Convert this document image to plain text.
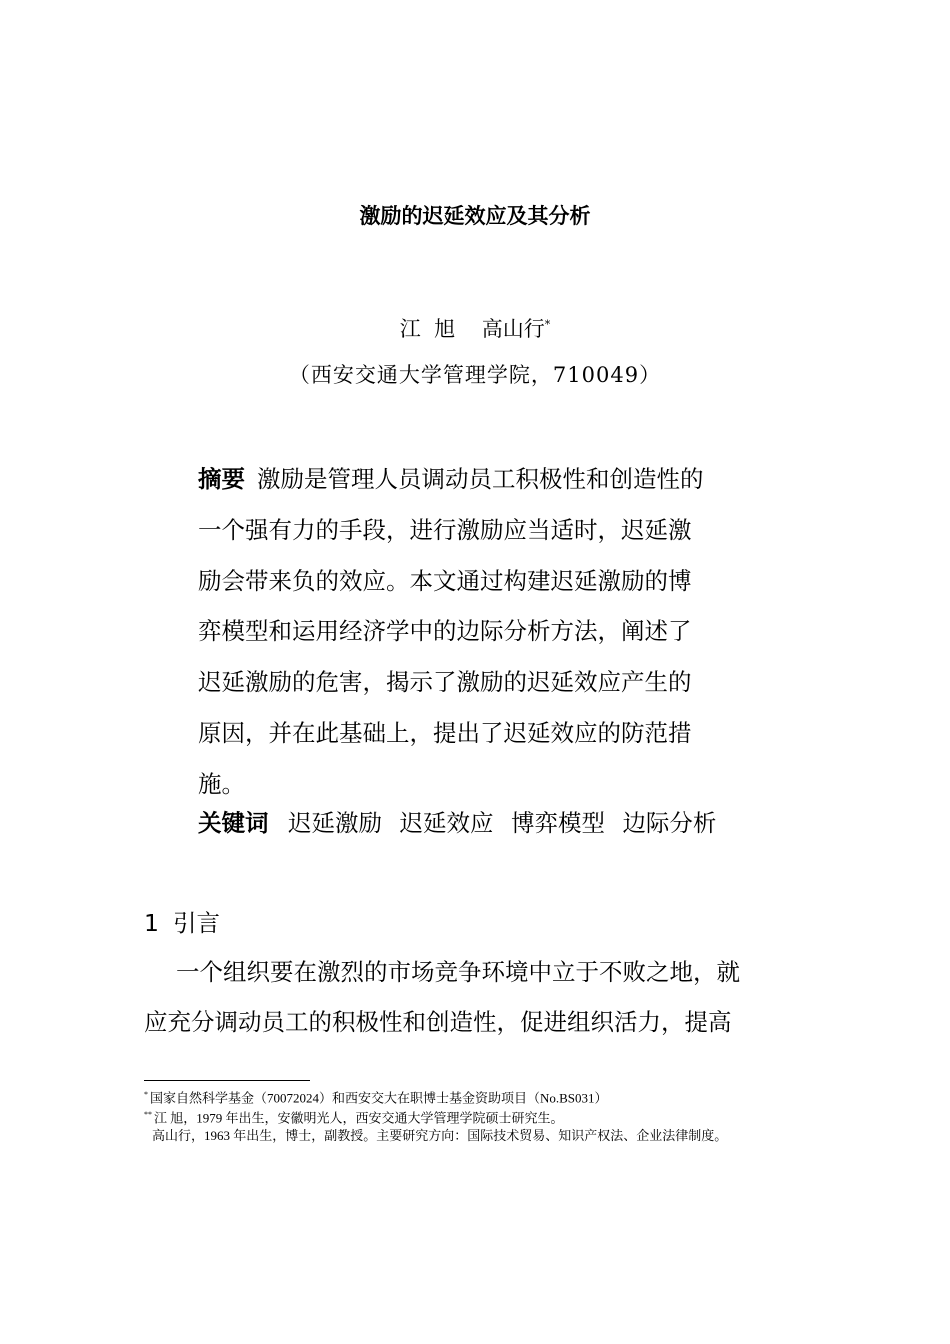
激励的迟延效应及其分析
江  旭    高山行*
（西安交通大学管理学院，710049）
摘要 激励是管理人员调动员工积极性和创造性的
一个强有力的手段，进行激励应当适时，迟延激
励会带来负的效应。本文通过构建迟延激励的博
弈模型和运用经济学中的边际分析方法，阐述了
迟延激励的危害，揭示了激励的迟延效应产生的
原因，并在此基础上，提出了迟延效应的防范措
施。
关键词 迟延激励 迟延效应 博弈模型 边际分析
1 引言
一个组织要在激烈的市场竞争环境中立于不败之地，就
应充分调动员工的积极性和创造性，促进组织活力，提高
* 国家自然科学基金（70072024）和西安交大在职博士基金资助项目（No.BS031）
** 江 旭，1979 年出生，安徽明光人，西安交通大学管理学院硕士研究生。
高山行，1963 年出生，博士，副教授。主要研究方向：国际技术贸易、知识产权法、企业法律制度。
